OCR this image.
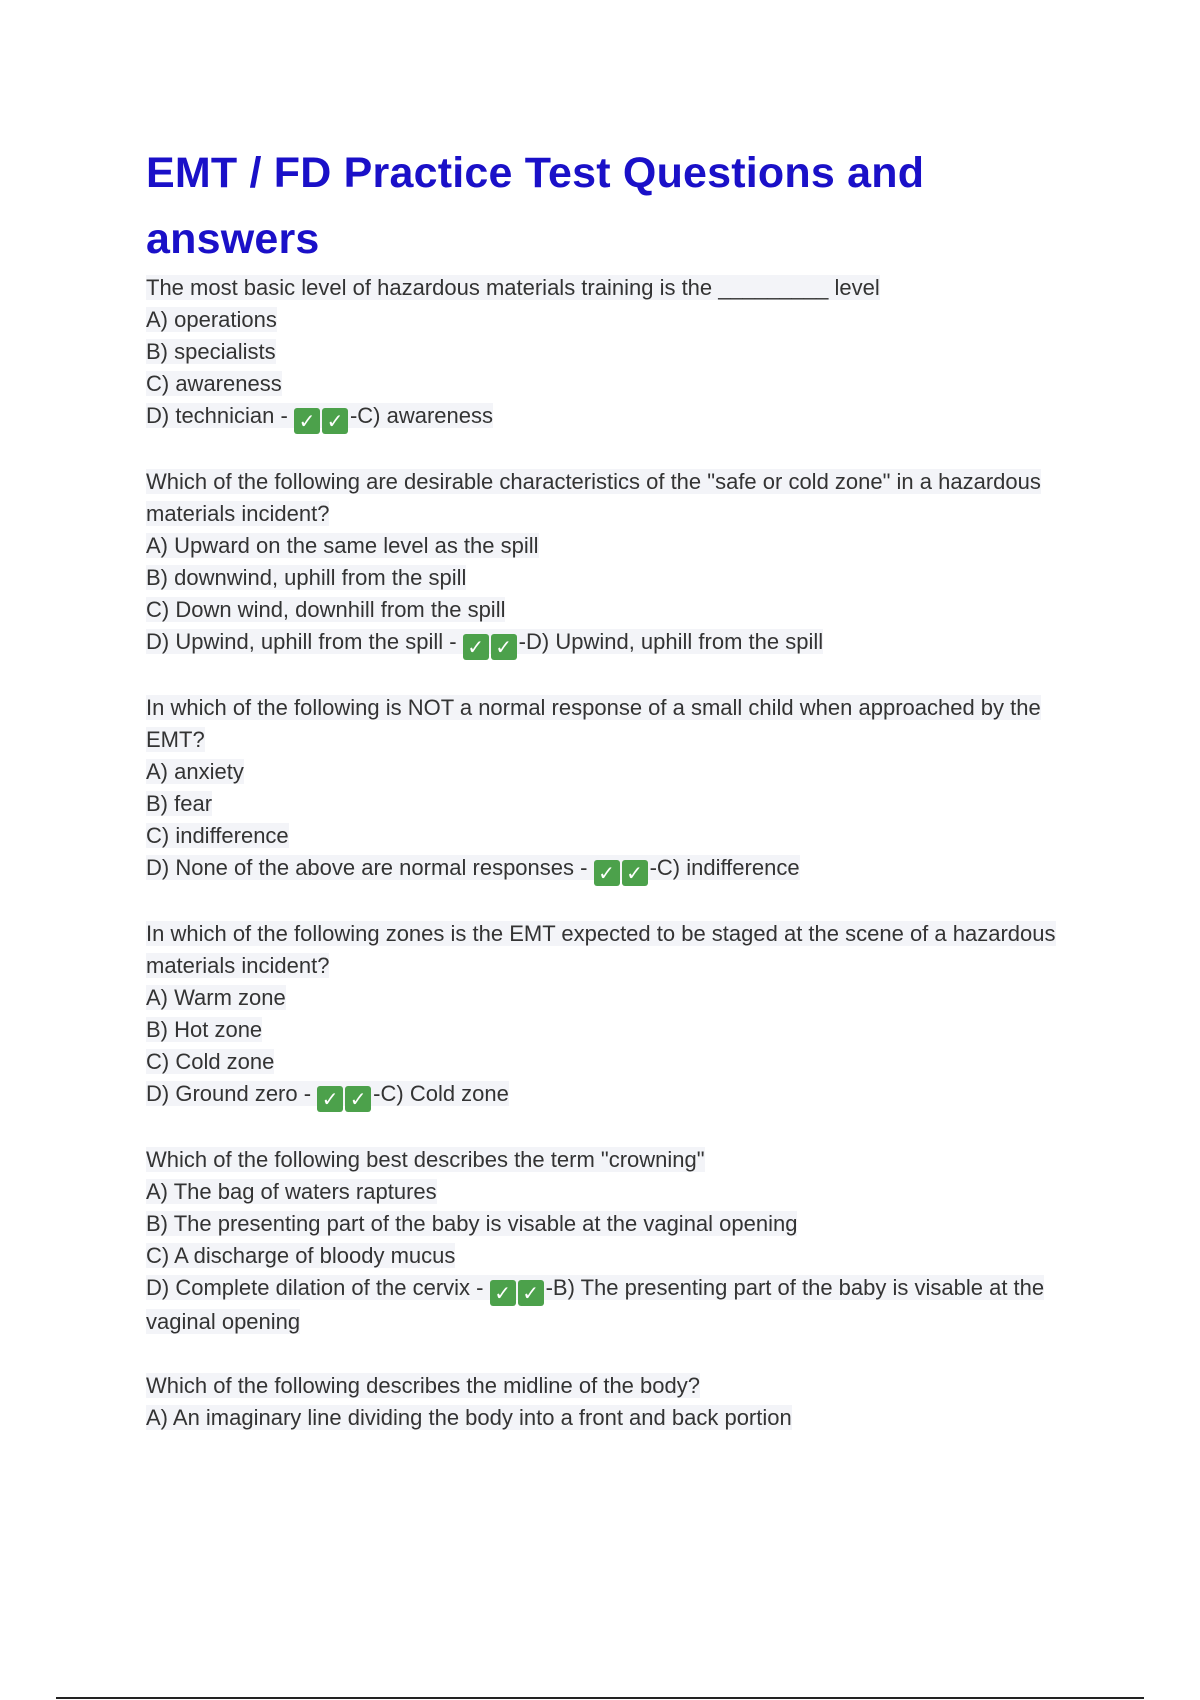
EMT / FD Practice Test Questions and
answers

The most basic level of hazardous materials training is the _________ level

A) operations

B) specialists

C) awareness

D) technician - ✓ ✓ -C) awareness

Which of the following are desirable characteristics of the "safe or cold zone" in a hazardous materials incident?

A) Upward on the same level as the spill

B) downwind, uphill from the spill

C) Down wind, downhill from the spill

D) Upwind, uphill from the spill - ✓ ✓ -D) Upwind, uphill from the spill

In which of the following is NOT a normal response of a small child when approached by the EMT?

A) anxiety

B) fear

C) indifference

D) None of the above are normal responses - ✓ ✓ -C) indifference

In which of the following zones is the EMT expected to be staged at the scene of a hazardous materials incident?

A) Warm zone

B) Hot zone

C) Cold zone

D) Ground zero - ✓ ✓ -C) Cold zone

Which of the following best describes the term "crowning"

A) The bag of waters raptures

B) The presenting part of the baby is visable at the vaginal opening

C) A discharge of bloody mucus

D) Complete dilation of the cervix - ✓ ✓ -B) The presenting part of the baby is visable at the vaginal opening

Which of the following describes the midline of the body?

A) An imaginary line dividing the body into a front and back portion
